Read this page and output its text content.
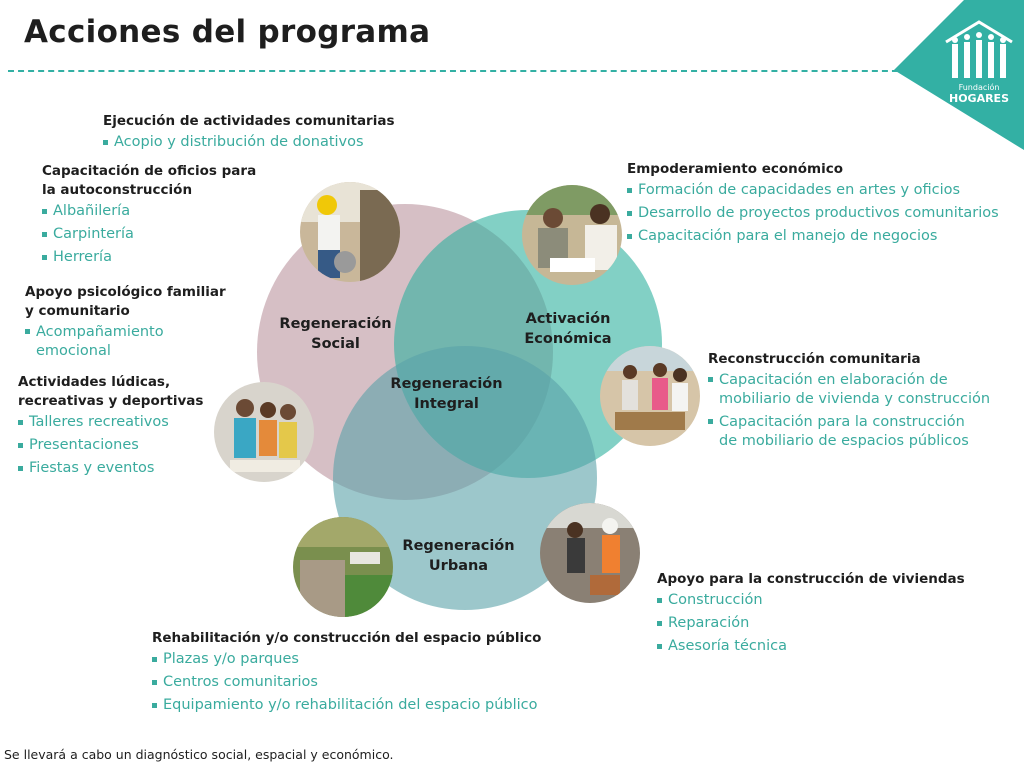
Acciones del programa
Fundación
HOGARES
Regeneración
Social
Activación
Económica
Regeneración
Integral
Regeneración
Urbana
Ejecución de actividades comunitarias
Acopio y distribución de donativos
Capacitación de oficios para
la autoconstrucción
Albañilería
Carpintería
Herrería
Apoyo psicológico familiar
y comunitario
Acompañamiento
emocional
Actividades lúdicas,
recreativas y deportivas
Talleres recreativos
Presentaciones
Fiestas y eventos
Empoderamiento económico
Formación de capacidades en artes y oficios
Desarrollo de proyectos productivos comunitarios
Capacitación para el manejo de negocios
Reconstrucción comunitaria
Capacitación en elaboración de
mobiliario de vivienda y construcción
Capacitación para la construcción
de mobiliario de espacios públicos
Apoyo para la construcción de viviendas
Construcción
Reparación
Asesoría técnica
Rehabilitación y/o construcción del espacio público
Plazas y/o parques
Centros comunitarios
Equipamiento y/o rehabilitación del espacio público
Se llevará a cabo un diagnóstico social, espacial y económico.
